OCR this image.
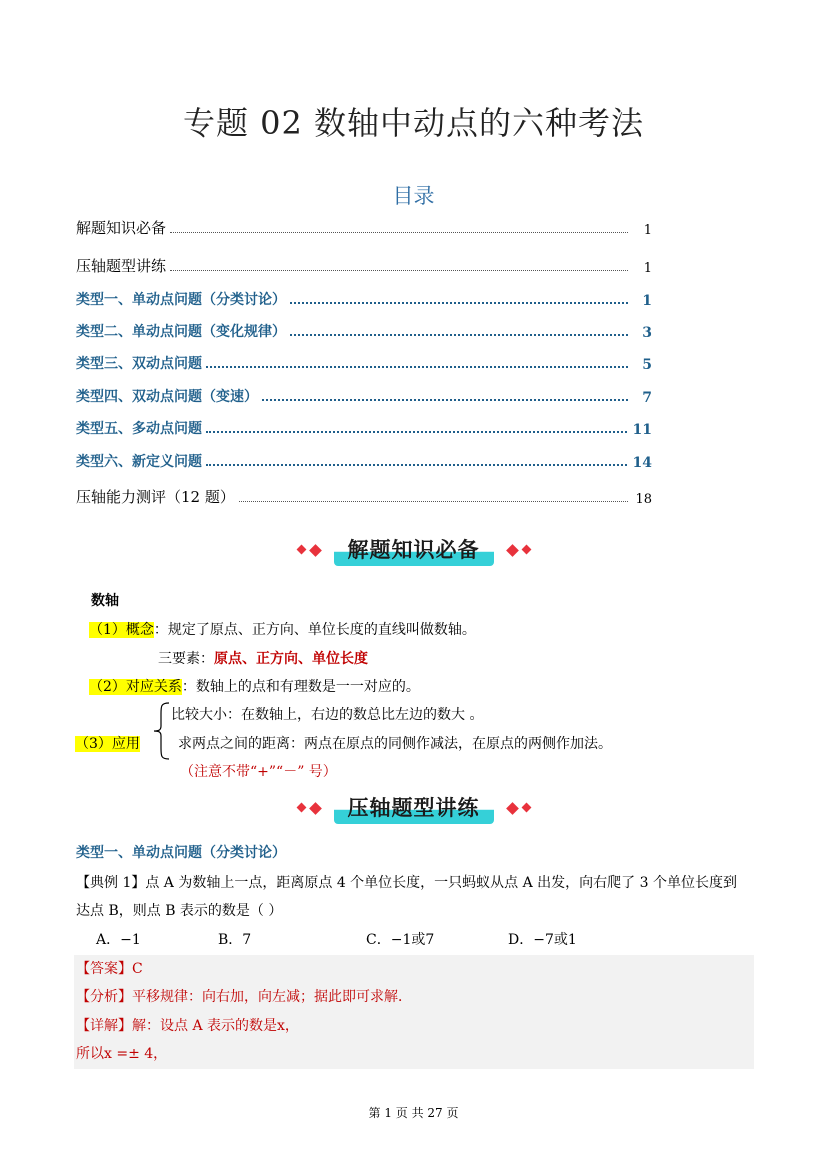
专题 02 数轴中动点的六种考法
目录
解题知识必备	1
压轴题型讲练	1
类型一、单动点问题（分类讨论）	1
类型二、单动点问题（变化规律）	3
类型三、双动点问题	5
类型四、双动点问题（变速）	7
类型五、多动点问题	11
类型六、新定义问题	14
压轴能力测评（12 题）	18
解题知识必备
数轴
（1）概念：规定了原点、正方向、单位长度的直线叫做数轴。
三要素：原点、正方向、单位长度
（2）对应关系：数轴上的点和有理数是一一对应的。
比较大小：在数轴上，右边的数总比左边的数大 。
（3）应用	求两点之间的距离：两点在原点的同侧作减法，在原点的两侧作加法。
（注意不带“+”“－” 号）
压轴题型讲练
类型一、单动点问题（分类讨论）
【典例 1】点 A 为数轴上一点，距离原点 4 个单位长度，一只蚂蚁从点 A 出发，向右爬了 3 个单位长度到
达点 B，则点 B 表示的数是（ ）
A．−1	B．7	C．−1或7	D．−7或1
【答案】C
【分析】平移规律：向右加，向左减；据此即可求解．
【详解】解：设点 A 表示的数是x，
所以x =± 4，
第 1 页 共 27 页
